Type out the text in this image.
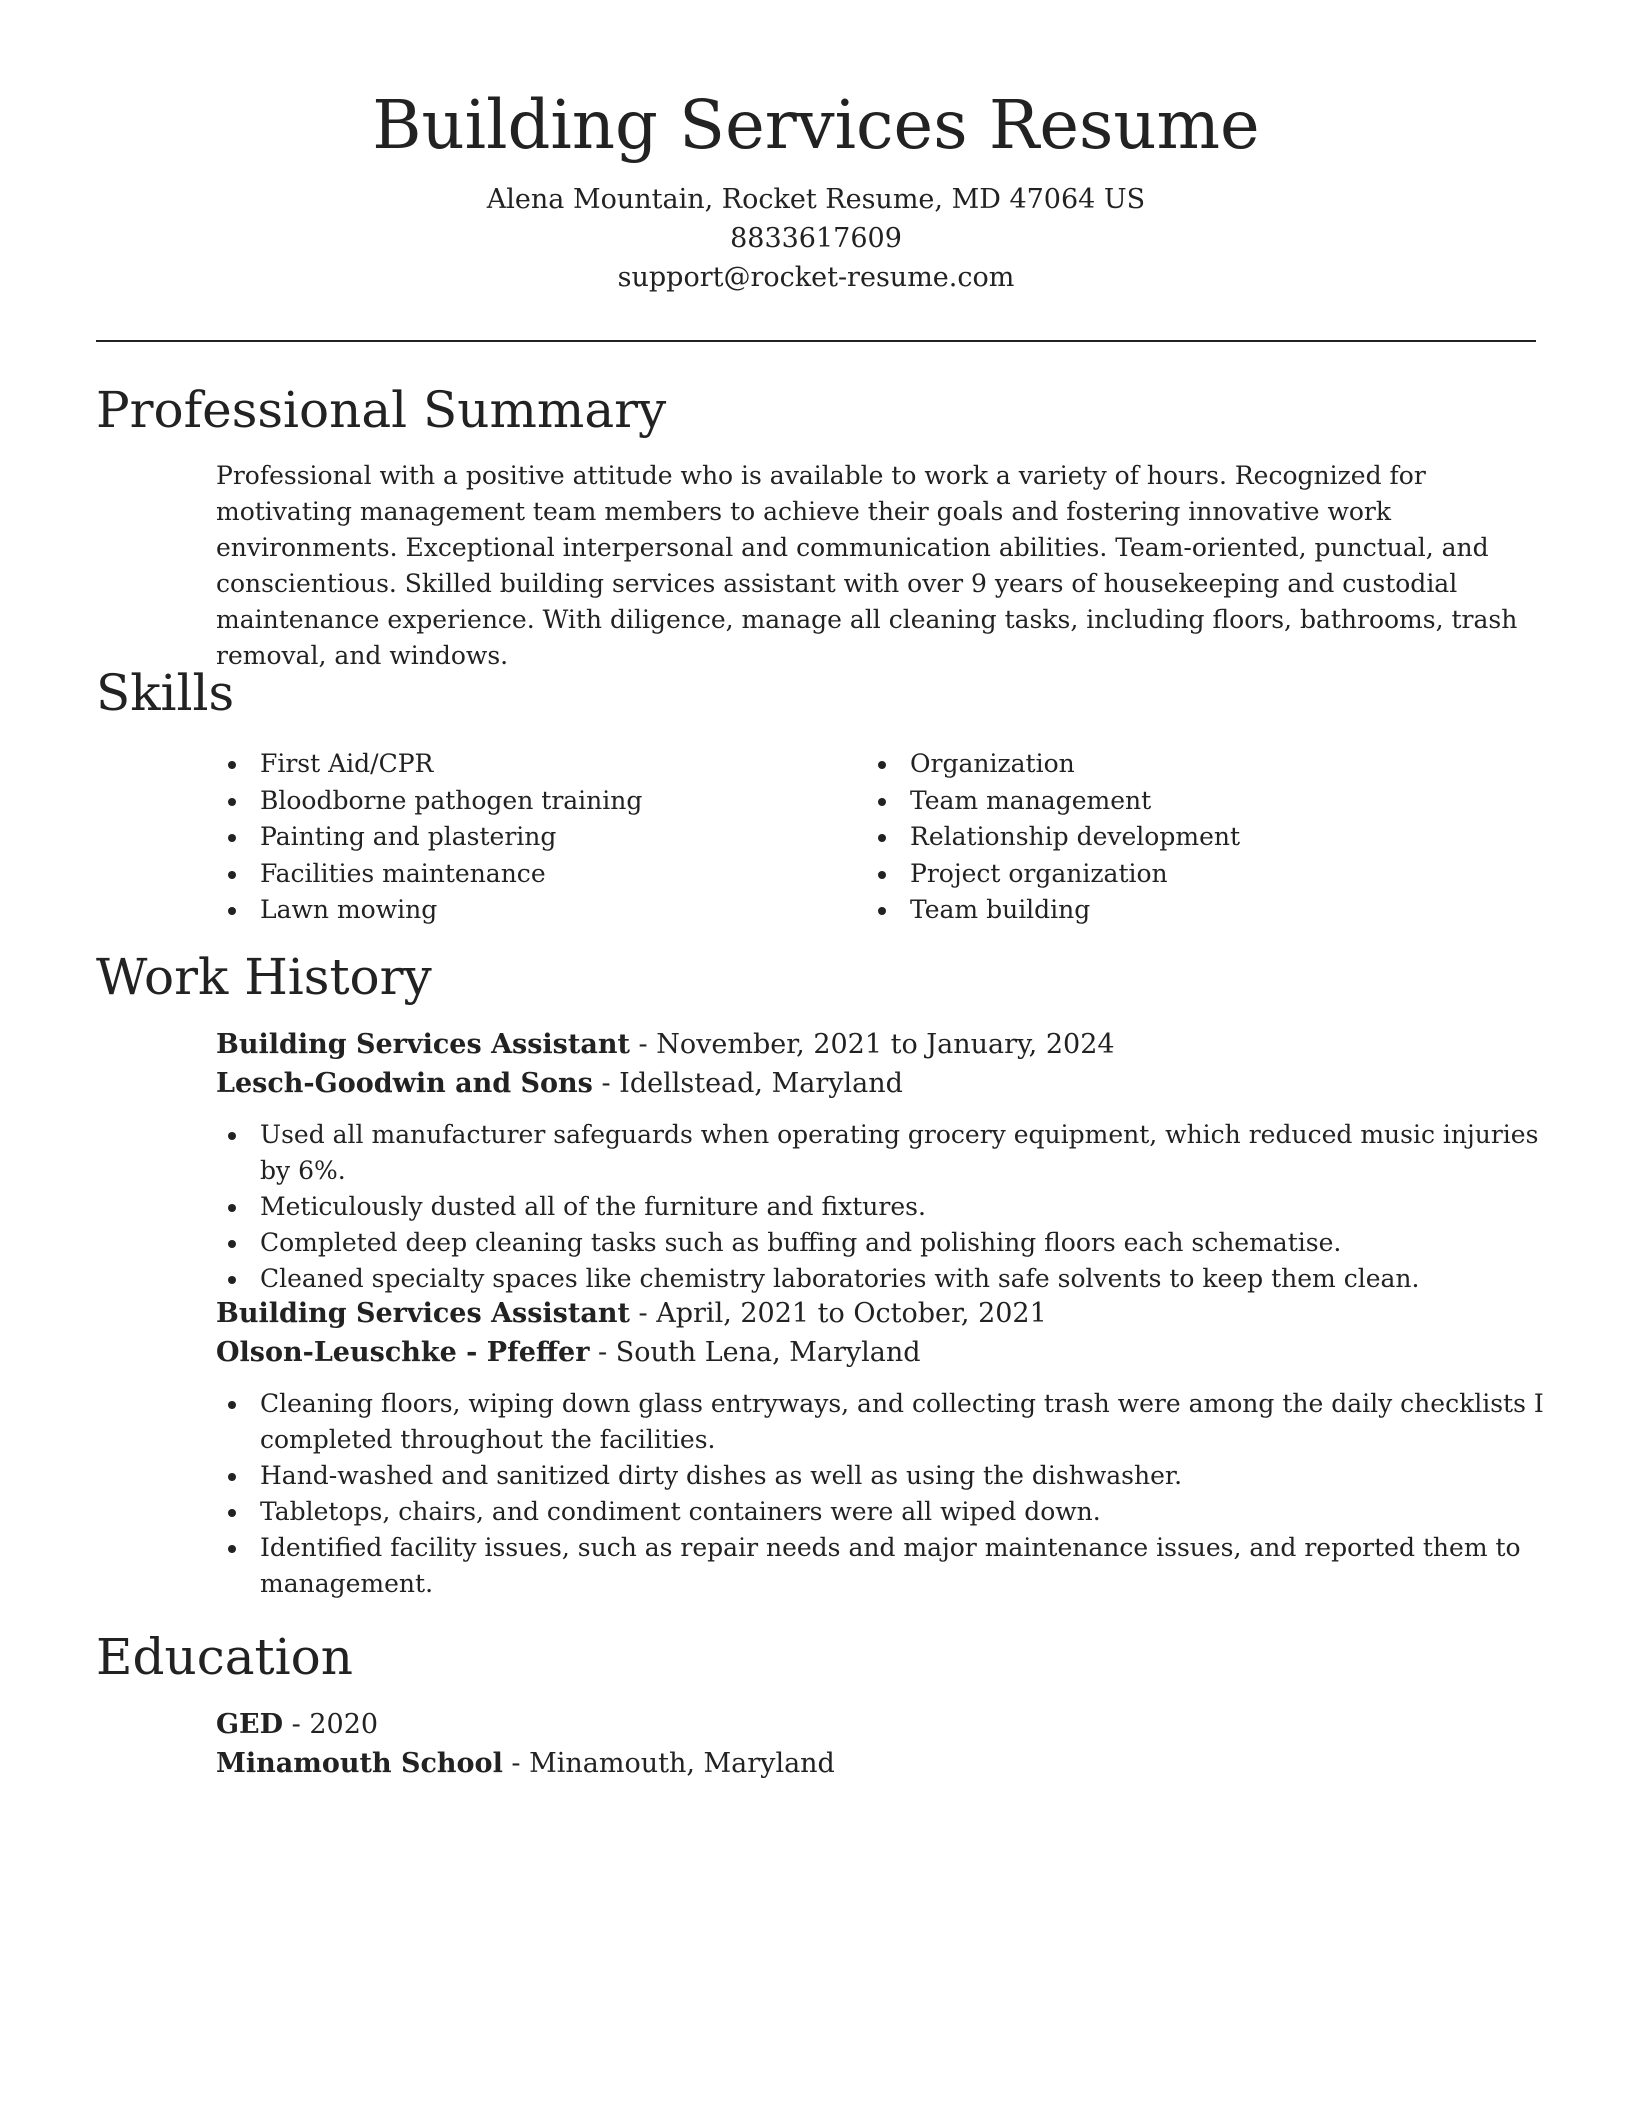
Building Services Resume
Alena Mountain, Rocket Resume, MD 47064 US
8833617609
support@rocket-resume.com
Professional Summary

Professional with a positive attitude who is available to work a variety of hours. Recognized for motivating management team members to achieve their goals and fostering innovative work environments. Exceptional interpersonal and communication abilities. Team-oriented, punctual, and conscientious. Skilled building services assistant with over 9 years of housekeeping and custodial maintenance experience. With diligence, manage all cleaning tasks, including floors, bathrooms, trash removal, and windows.

Skills
First Aid/CPR
Bloodborne pathogen training
Painting and plastering
Facilities maintenance
Lawn mowing
Organization
Team management
Relationship development
Project organization
Team building
Work History
Building Services Assistant - November, 2021 to January, 2024
Lesch-Goodwin and Sons - Idellstead, Maryland
Used all manufacturer safeguards when operating grocery equipment, which reduced music injuries by 6%.
Meticulously dusted all of the furniture and fixtures.
Completed deep cleaning tasks such as buffing and polishing floors each schematise.
Cleaned specialty spaces like chemistry laboratories with safe solvents to keep them clean.
Building Services Assistant - April, 2021 to October, 2021
Olson-Leuschke - Pfeffer - South Lena, Maryland
Cleaning floors, wiping down glass entryways, and collecting trash were among the daily checklists I completed throughout the facilities.
Hand-washed and sanitized dirty dishes as well as using the dishwasher.
Tabletops, chairs, and condiment containers were all wiped down.
Identified facility issues, such as repair needs and major maintenance issues, and reported them to management.
Education
GED - 2020
Minamouth School - Minamouth, Maryland
